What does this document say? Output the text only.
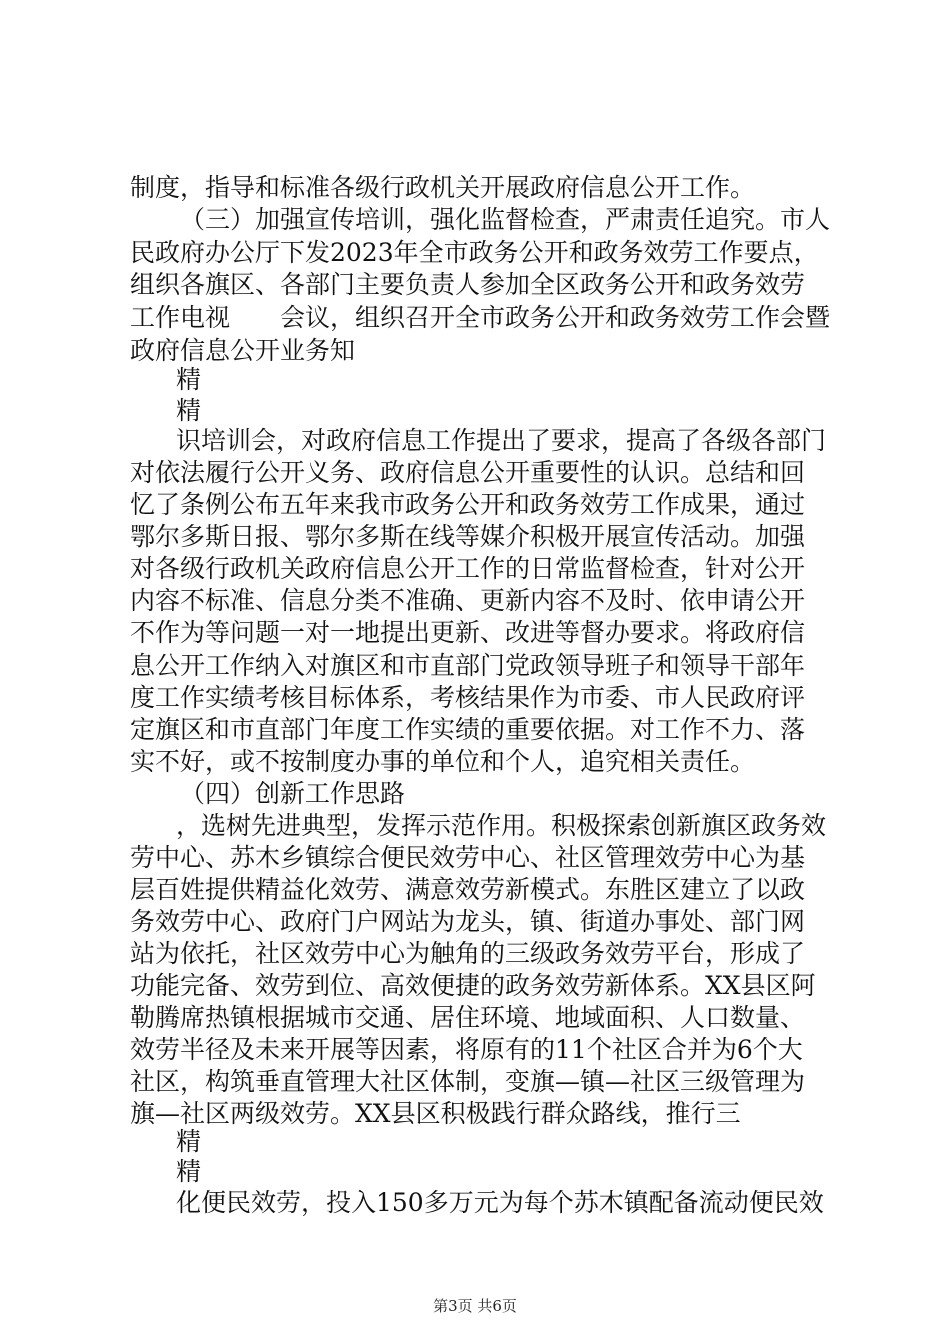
制度，指导和标准各级行政机关开展政府信息公开工作。
（三）加强宣传培训，强化监督检查，严肃责任追究。市人
民政府办公厅下发2023年全市政务公开和政务效劳工作要点，
组织各旗区、各部门主要负责人参加全区政务公开和政务效劳
工作电视　　会议，组织召开全市政务公开和政务效劳工作会暨
政府信息公开业务知
精
精
识培训会，对政府信息工作提出了要求，提高了各级各部门
对依法履行公开义务、政府信息公开重要性的认识。总结和回
忆了条例公布五年来我市政务公开和政务效劳工作成果，通过
鄂尔多斯日报、鄂尔多斯在线等媒介积极开展宣传活动。加强
对各级行政机关政府信息公开工作的日常监督检查，针对公开
内容不标准、信息分类不准确、更新内容不及时、依申请公开
不作为等问题一对一地提出更新、改进等督办要求。将政府信
息公开工作纳入对旗区和市直部门党政领导班子和领导干部年
度工作实绩考核目标体系，考核结果作为市委、市人民政府评
定旗区和市直部门年度工作实绩的重要依据。对工作不力、落
实不好，或不按制度办事的单位和个人，追究相关责任。
（四）创新工作思路
，选树先进典型，发挥示范作用。积极探索创新旗区政务效
劳中心、苏木乡镇综合便民效劳中心、社区管理效劳中心为基
层百姓提供精益化效劳、满意效劳新模式。东胜区建立了以政
务效劳中心、政府门户网站为龙头，镇、街道办事处、部门网
站为依托，社区效劳中心为触角的三级政务效劳平台，形成了
功能完备、效劳到位、高效便捷的政务效劳新体系。XX县区阿
勒腾席热镇根据城市交通、居住环境、地域面积、人口数量、
效劳半径及未来开展等因素，将原有的11个社区合并为6个大
社区，构筑垂直管理大社区体制，变旗—镇—社区三级管理为
旗—社区两级效劳。XX县区积极践行群众路线，推行三
精
精
化便民效劳，投入150多万元为每个苏木镇配备流动便民效
第3页 共6页
